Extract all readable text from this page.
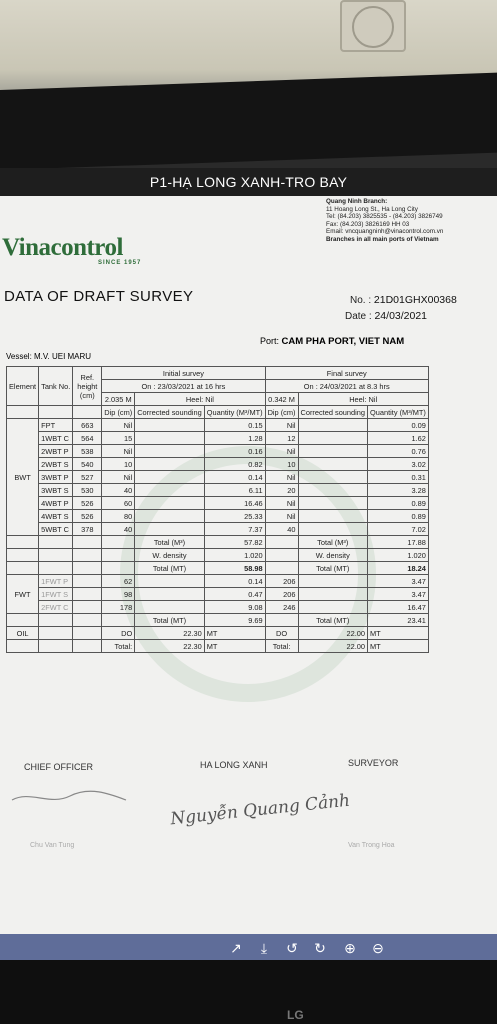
P1-HẠ LONG XANH-TRO BAY
Vinacontrol
SINCE 1957
Quang Ninh Branch:
11 Hoang Long St., Ha Long City
Tel: (84.203) 3825535 - (84.203) 3826749
Fax: (84.203) 3826169 HH 03
Email: vncquangninh@vinacontrol.com.vn
Branches in all main ports of Vietnam
DATA OF DRAFT SURVEY	No. : 21D01GHX00368
Date : 24/03/2021
Port: CAM PHA PORT, VIET NAM
Vessel: M.V. UEI MARU
Element	Tank No.	Ref. height (cm)	Initial survey			Final survey		
			On : 23/03/2021 at 16 hrs			On : 24/03/2021 at 8.3 hrs		
			2.035 M	Heel: Nil		0.342 M	Heel: Nil	
			Dip (cm)	Corrected sounding	Quantity (M³/MT)	Dip (cm)	Corrected sounding	Quantity (M³/MT)
BWT	FPT	663	Nil		0.15	Nil		0.09
	1WBT C	564	15		1.28	12		1.62
	2WBT P	538	Nil		0.16	Nil		0.76
	2WBT S	540	10		0.82	10		3.02
	3WBT P	527	Nil		0.14	Nil		0.31
	3WBT S	530	40		6.11	20		3.28
	4WBT P	526	60		16.46	Nil		0.89
	4WBT S	526	80		25.33	Nil		0.89
	5WBT C	378	40		7.37	40		7.02
				Total (M³)	57.82		Total (M³)	17.88
				W. density	1.020		W. density	1.020
				Total (MT)	58.98		Total (MT)	18.24
FWT	1FWT P		62		0.14	206		3.47
	1FWT S		98		0.47	206		3.47
	2FWT C		178		9.08	246		16.47
				Total (MT)	9.69		Total (MT)	23.41
OIL			DO	22.30	MT	DO	22.00	MT
			Total:	22.30	MT	Total:	22.00	MT
CHIEF OFFICER	HA LONG XANH	SURVEYOR
Nguyễn Quang Cảnh
Chu Van Tung	Van Trong Hoa
↗	⤓	↺ ↻ ⊕ ⊖
LG
